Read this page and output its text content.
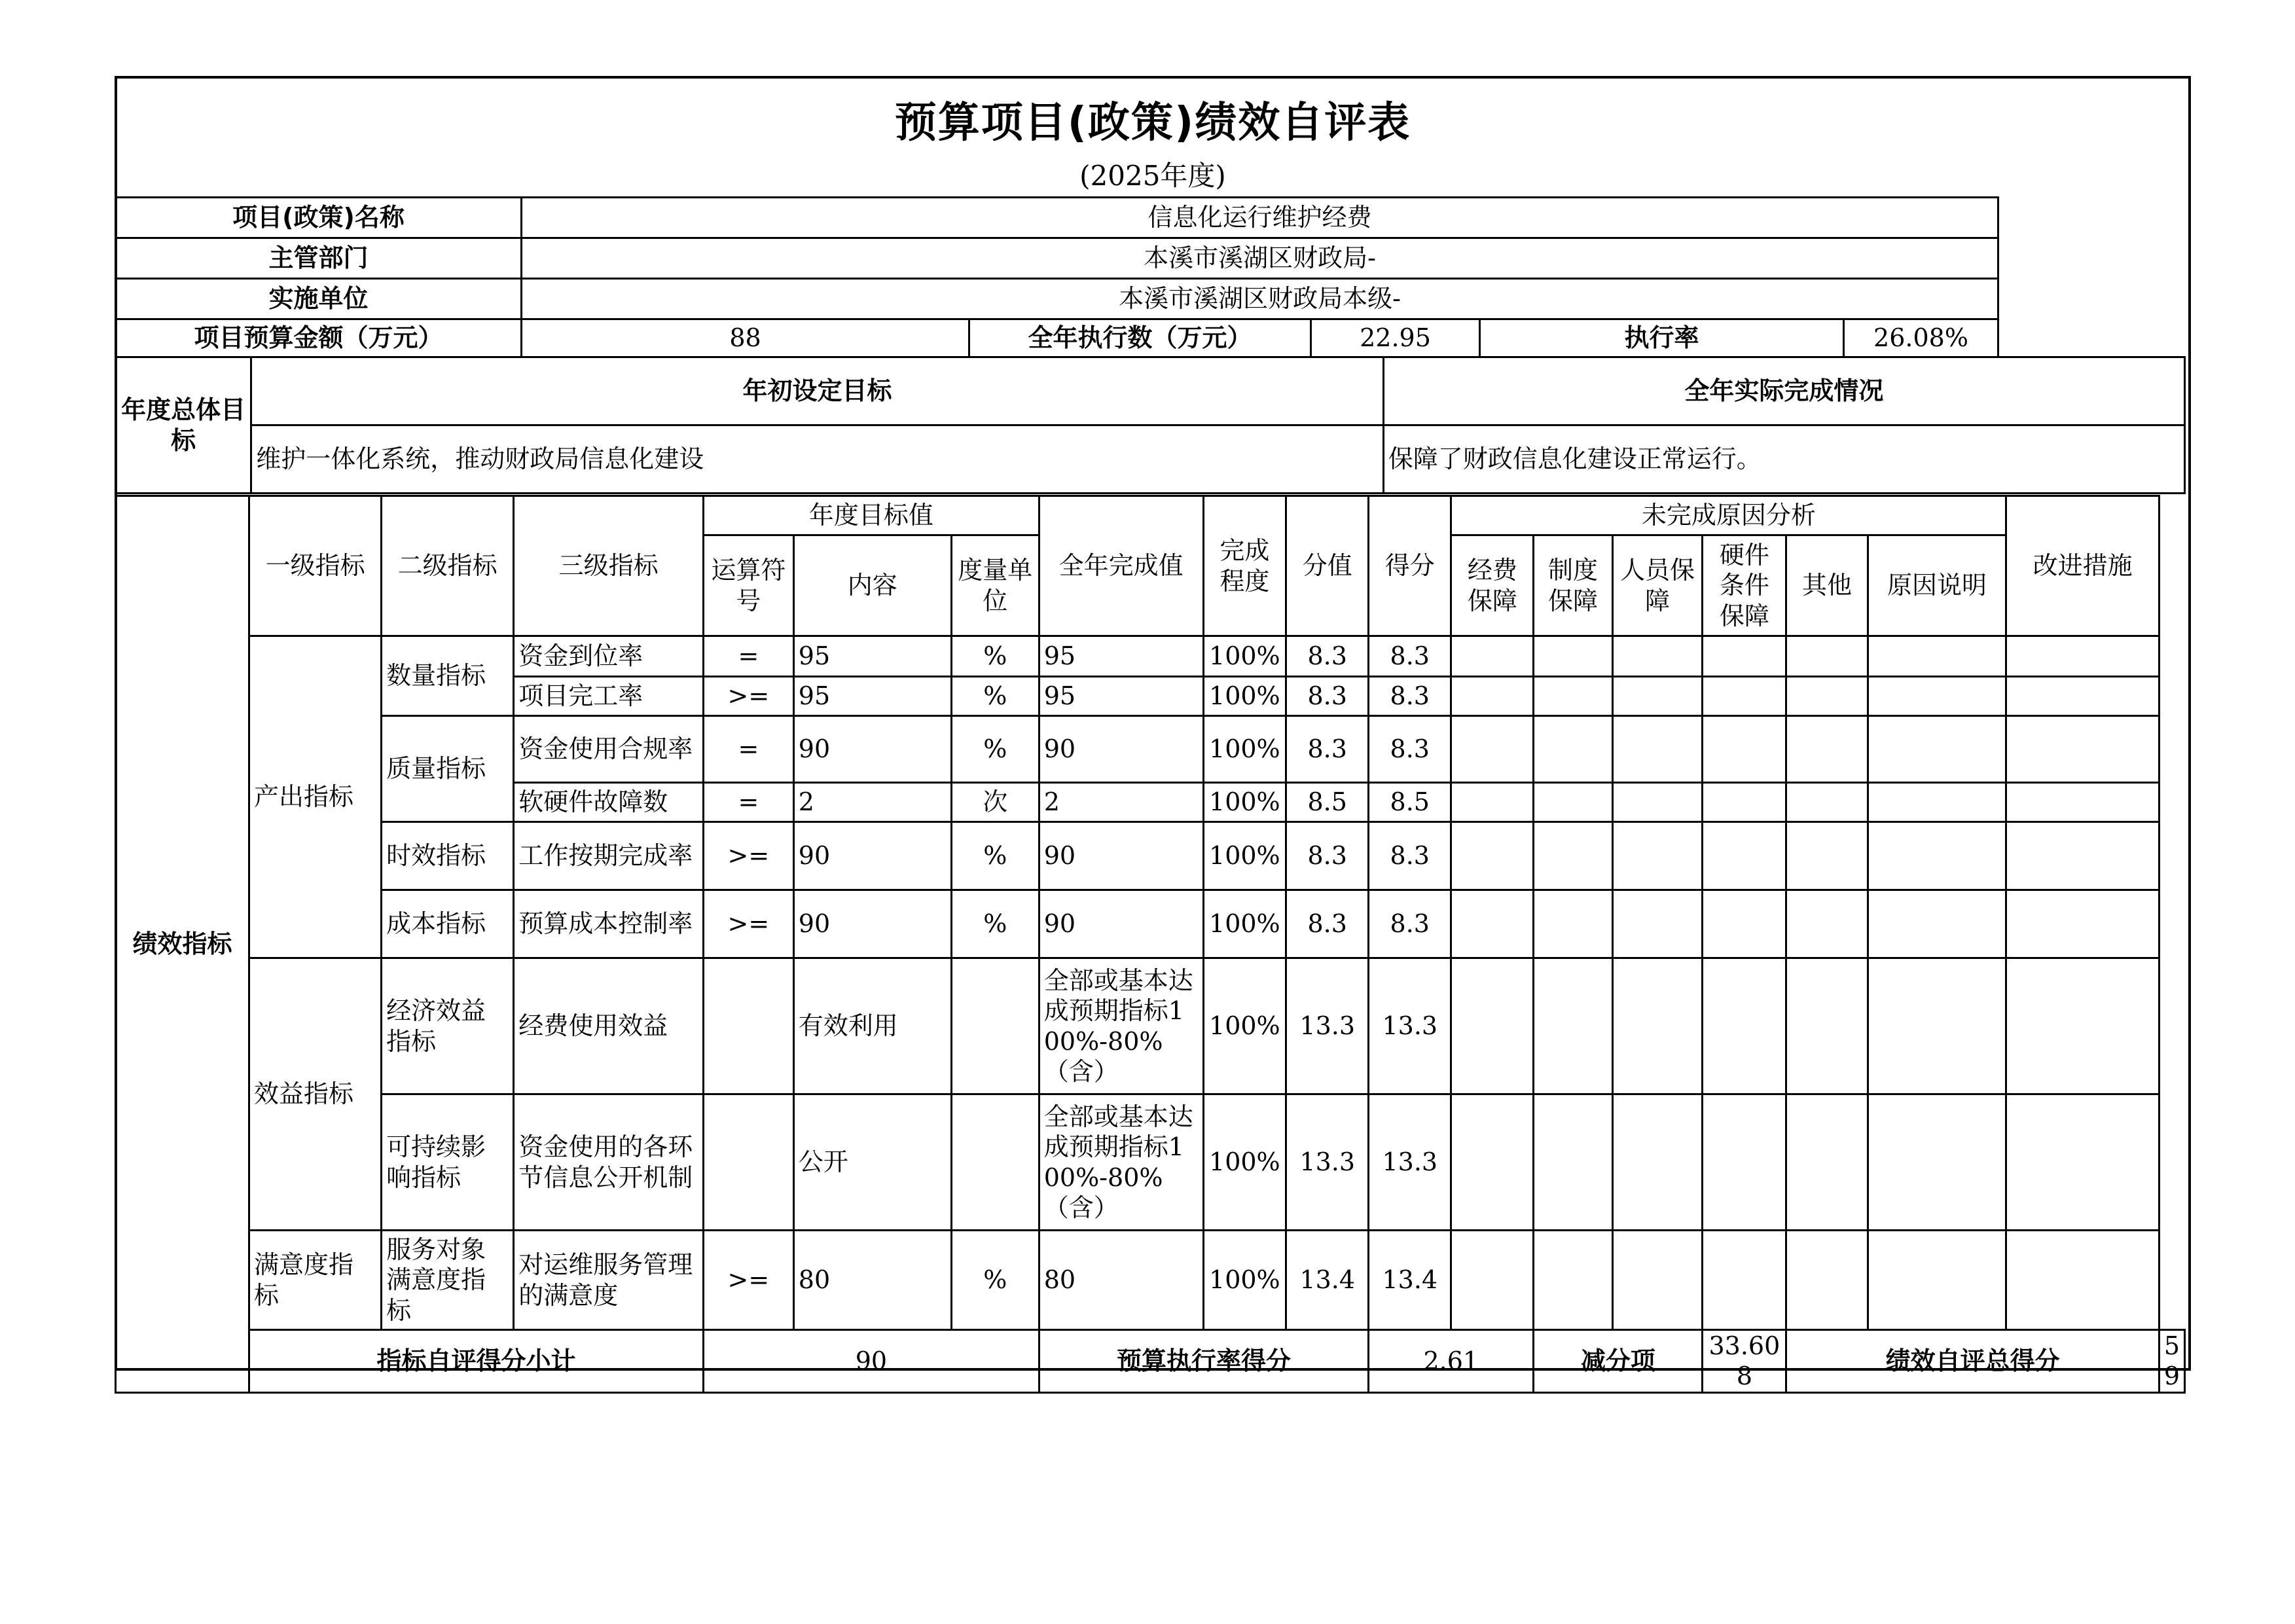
预算项目(政策)绩效自评表
(2025年度)
项目(政策)名称	信息化运行维护经费				
主管部门	本溪市溪湖区财政局-				
实施单位	本溪市溪湖区财政局本级-				
项目预算金额（万元）	88	全年执行数（万元）	22.95	执行率	26.08%
年度总体目标	年初设定目标	全年实际完成情况
	维护一体化系统，推动财政局信息化建设	保障了财政信息化建设正常运行。
绩效指标	一级指标	二级指标	三级指标	年度目标值			全年完成值	完成程度	分值	得分	未完成原因分析						改进措施	
				运算符号	内容	度量单位					经费保障	制度保障	人员保障	硬件条件保障	其他	原因说明		
	产出指标	数量指标	资金到位率	=	95	%	95	100%	8.3	8.3								
			项目完工率	>=	95	%	95	100%	8.3	8.3								
		质量指标	资金使用合规率	=	90	%	90	100%	8.3	8.3								
			软硬件故障数	=	2	次	2	100%	8.5	8.5								
		时效指标	工作按期完成率	>=	90	%	90	100%	8.3	8.3								
		成本指标	预算成本控制率	>=	90	%	90	100%	8.3	8.3								
	效益指标	经济效益指标	经费使用效益		有效利用		全部或基本达成预期指标100%-80%（含）	100%	13.3	13.3								
		可持续影响指标	资金使用的各环节信息公开机制		公开		全部或基本达成预期指标100%-80%（含）	100%	13.3	13.3								
	满意度指标	服务对象满意度指标	对运维服务管理的满意度	>=	80	%	80	100%	13.4	13.4								
	指标自评得分小计			90			预算执行率得分			2.61		减分项		33.608	绩效自评总得分			59
